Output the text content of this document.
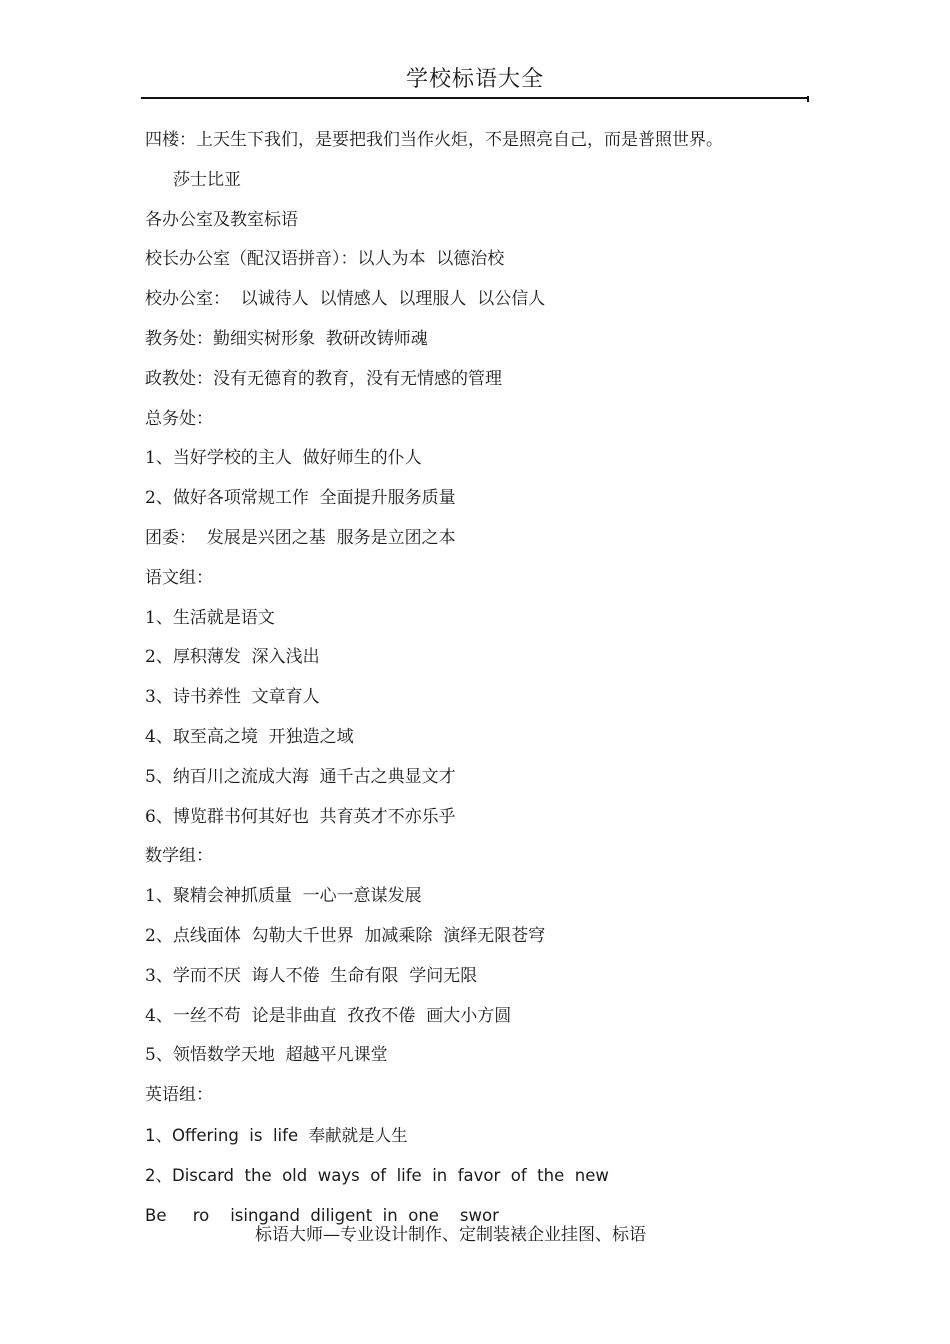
学校标语大全
四楼：上天生下我们，是要把我们当作火炬，不是照亮自己，而是普照世界。
莎士比亚
各办公室及教室标语
校长办公室（配汉语拼音）：以人为本  以德治校
校办公室：  以诚待人  以情感人  以理服人  以公信人
教务处：勤细实树形象  教研改铸师魂
政教处：没有无德育的教育，没有无情感的管理
总务处：
1、当好学校的主人  做好师生的仆人
2、做好各项常规工作  全面提升服务质量
团委：  发展是兴团之基  服务是立团之本
语文组：
1、生活就是语文
2、厚积薄发  深入浅出
3、诗书养性  文章育人
4、取至高之境  开独造之域
5、纳百川之流成大海  通千古之典显文才
6、博览群书何其好也  共育英才不亦乐乎
数学组：
1、聚精会神抓质量  一心一意谋发展
2、点线面体  勾勒大千世界  加减乘除  演绎无限苍穹
3、学而不厌  诲人不倦  生命有限  学问无限
4、一丝不苟  论是非曲直  孜孜不倦  画大小方圆
5、领悟数学天地  超越平凡课堂
英语组：
1、Offering  is  life  奉献就是人生
2、Discard  the  old  ways  of  life  in  favor  of  the  new
Be     ro    isingand  diligent  in  one    swor
标语大师—专业设计制作、定制装裱企业挂图、标语
